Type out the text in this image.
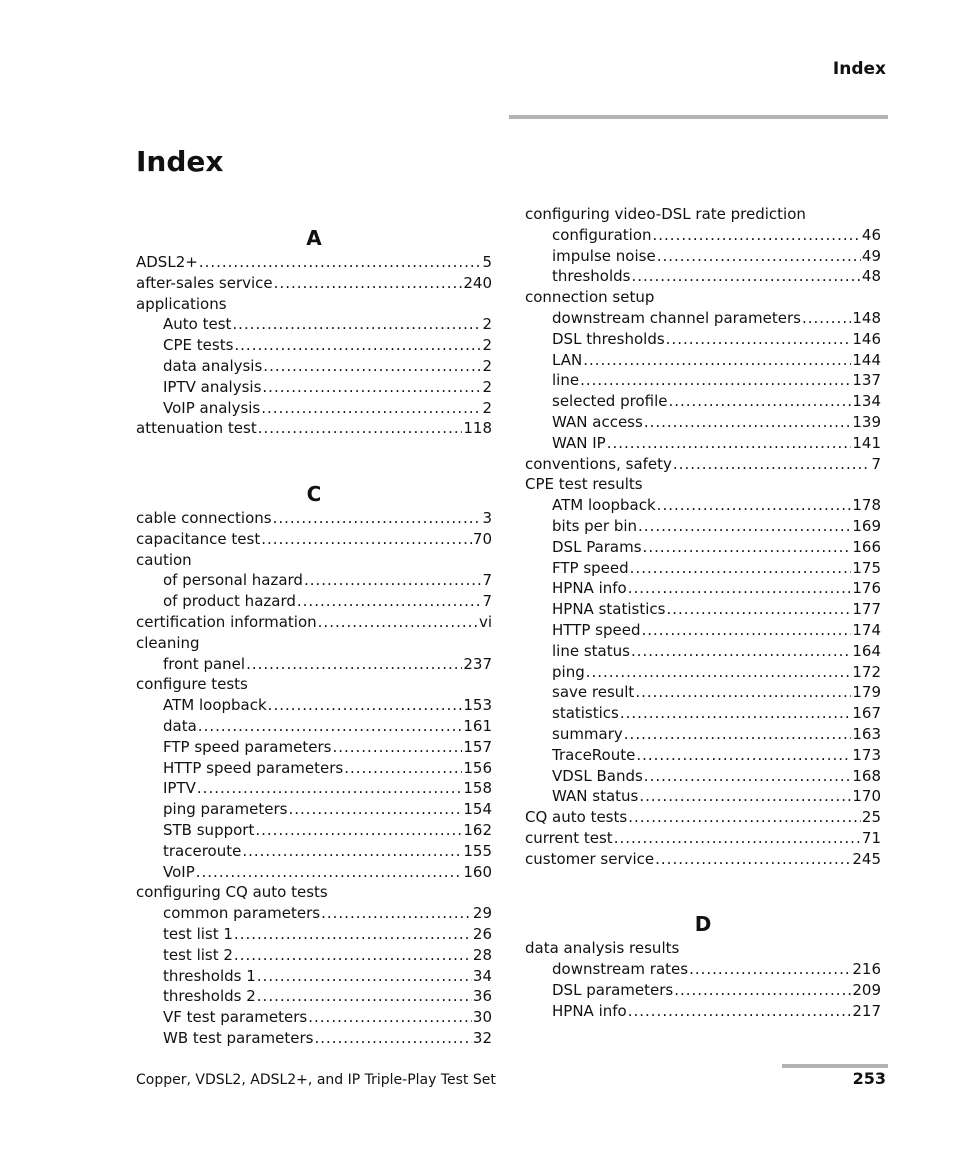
Index
Index
A
ADSL2+ .....	5
after-sales service .....	240
applications
Auto test .....	2
CPE tests .....	2
data analysis .....	2
IPTV analysis .....	2
VoIP analysis .....	2
attenuation test .....	118
C
cable connections .....	3
capacitance test .....	70
caution
of personal hazard .....	7
of product hazard .....	7
certification information .....	vi
cleaning
front panel .....	237
configure tests
ATM loopback .....	153
data .....	161
FTP speed parameters .....	157
HTTP speed parameters .....	156
IPTV .....	158
ping parameters .....	154
STB support .....	162
traceroute .....	155
VoIP .....	160
configuring CQ auto tests
common parameters .....	29
test list 1 .....	26
test list 2 .....	28
thresholds 1 .....	34
thresholds 2 .....	36
VF test parameters .....	30
WB test parameters .....	32
configuring video-DSL rate prediction
configuration .....	46
impulse noise .....	49
thresholds .....	48
connection setup
downstream channel parameters .....	148
DSL thresholds .....	146
LAN .....	144
line .....	137
selected profile .....	134
WAN access .....	139
WAN IP .....	141
conventions, safety .....	7
CPE test results
ATM loopback .....	178
bits per bin .....	169
DSL Params .....	166
FTP speed .....	175
HPNA info .....	176
HPNA statistics .....	177
HTTP speed .....	174
line status .....	164
ping .....	172
save result .....	179
statistics .....	167
summary .....	163
TraceRoute .....	173
VDSL Bands .....	168
WAN status .....	170
CQ auto tests .....	25
current test .....	71
customer service .....	245
D
data analysis results
downstream rates .....	216
DSL parameters .....	209
HPNA info .....	217
Copper, VDSL2, ADSL2+, and IP Triple-Play Test Set	253
